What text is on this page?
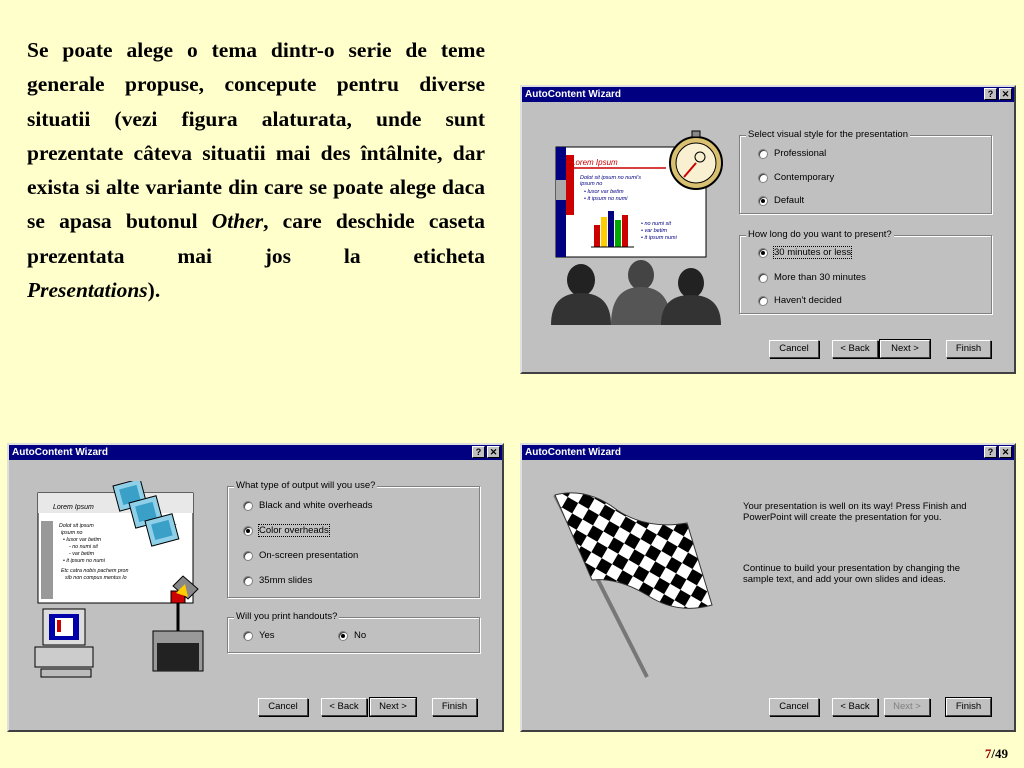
Se poate alege o tema dintr-o serie de teme generale propuse, concepute pentru diverse situatii (vezi figura alaturata, unde sunt prezentate câteva situatii mai des întâlnite, dar exista si alte variante din care se poate alege daca se apasa butonul Other, care deschide caseta prezentata mai jos la eticheta
Presentations).
AutoContent Wizard	? ✕
Lorem Ipsum
Dolot sit ipsum no numi's
ipsum no
• lusor var betim
• it ipsum no numi
• no numi sit
• var betim
• it ipsum numi
Select visual style for the presentation
Professional
Contemporary
Default
How long do you want to present?
30 minutes or less
More than 30 minutes
Haven't decided
Cancel	< Back	Next >	Finish
AutoContent Wizard	? ✕
Lorem Ipsum
Dolot sit ipsum
ipsum no
• lusor var betim
- no numi sit
- var betim
• it ipsum no numi
Etc catra nobis pachem pron
sib non compus mentus lo
What type of output will you use?
Black and white overheads
Color overheads
On-screen presentation
35mm slides
Will you print handouts?
Yes	No
Cancel	< Back	Next >	Finish
AutoContent Wizard	? ✕
Your presentation is well on its way! Press Finish and PowerPoint will create the presentation for you.
Continue to build your presentation by changing the sample text, and add your own slides and ideas.
Cancel	< Back	Next >	Finish
7/49
